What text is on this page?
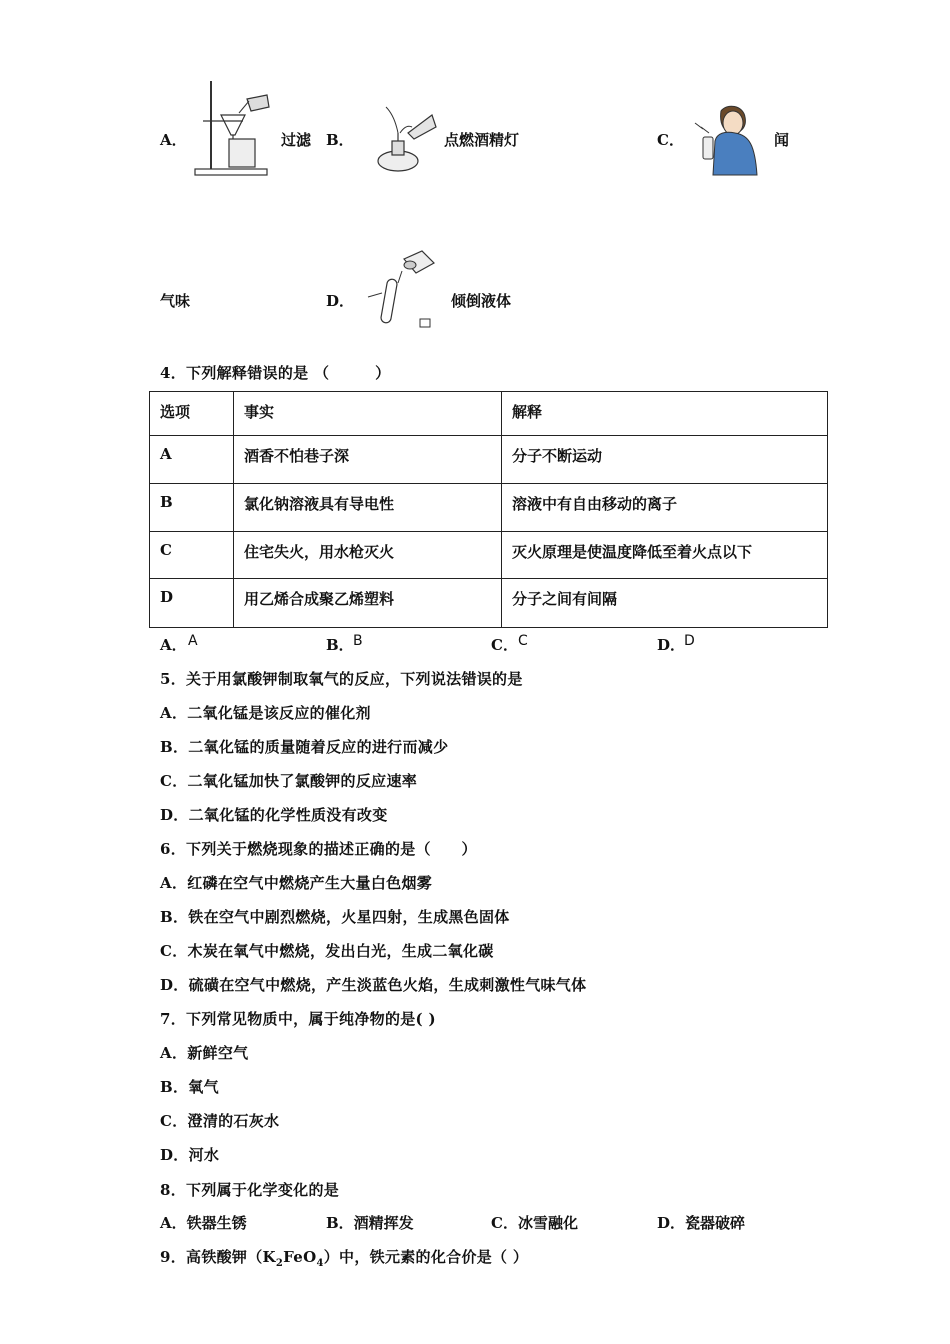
A．	过滤 B．	点燃酒精灯	C．	闻
气味	D．	倾倒液体
4．下列解释错误的是 （　　　）
选项	事实	解释
A	酒香不怕巷子深	分子不断运动
B	氯化钠溶液具有导电性	溶液中有自由移动的离子
C	住宅失火，用水枪灭火	灭火原理是使温度降低至着火点以下
D	用乙烯合成聚乙烯塑料	分子之间有间隔
A． A	B． B	C． C	D．
D
5．关于用氯酸钾制取氧气的反应，下列说法错误的是
A．二氧化锰是该反应的催化剂
B．二氧化锰的质量随着反应的进行而减少
C．二氧化锰加快了氯酸钾的反应速率
D．二氧化锰的化学性质没有改变
6．下列关于燃烧现象的描述正确的是（　　）
A．红磷在空气中燃烧产生大量白色烟雾
B．铁在空气中剧烈燃烧，火星四射，生成黑色固体
C．木炭在氧气中燃烧，发出白光，生成二氧化碳
D．硫磺在空气中燃烧，产生淡蓝色火焰，生成刺激性气味气体
7．下列常见物质中，属于纯净物的是( )
A．新鲜空气
B．氧气
C．澄清的石灰水
D．河水
8．下列属于化学变化的是
A．铁器生锈	B．酒精挥发	C．冰雪融化	D．瓷器破碎
9．高铁酸钾$(K_2FeO_4)$中，铁元素的化合价是（ ）
